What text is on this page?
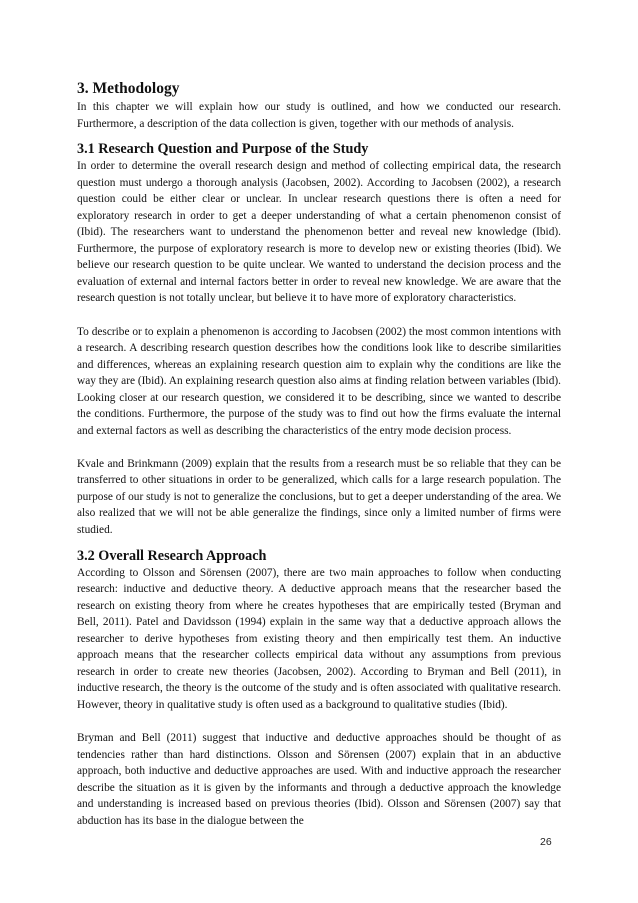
3. Methodology

In this chapter we will explain how our study is outlined, and how we conducted our research. Furthermore, a description of the data collection is given, together with our methods of analysis.

3.1 Research Question and Purpose of the Study

In order to determine the overall research design and method of collecting empirical data, the research question must undergo a thorough analysis (Jacobsen, 2002). According to Jacobsen (2002), a research question could be either clear or unclear. In unclear research questions there is often a need for exploratory research in order to get a deeper understanding of what a certain phenomenon consist of (Ibid). The researchers want to understand the phenomenon better and reveal new knowledge (Ibid). Furthermore, the purpose of exploratory research is more to develop new or existing theories (Ibid). We believe our research question to be quite unclear. We wanted to understand the decision process and the evaluation of external and internal factors better in order to reveal new knowledge. We are aware that the research question is not totally unclear, but believe it to have more of exploratory characteristics.

To describe or to explain a phenomenon is according to Jacobsen (2002) the most common intentions with a research. A describing research question describes how the conditions look like to describe similarities and differences, whereas an explaining research question aim to explain why the conditions are like the way they are (Ibid). An explaining research question also aims at finding relation between variables (Ibid). Looking closer at our research question, we considered it to be describing, since we wanted to describe the conditions. Furthermore, the purpose of the study was to find out how the firms evaluate the internal and external factors as well as describing the characteristics of the entry mode decision process.

Kvale and Brinkmann (2009) explain that the results from a research must be so reliable that they can be transferred to other situations in order to be generalized, which calls for a large research population. The purpose of our study is not to generalize the conclusions, but to get a deeper understanding of the area. We also realized that we will not be able generalize the findings, since only a limited number of firms were studied.

3.2 Overall Research Approach

According to Olsson and Sörensen (2007), there are two main approaches to follow when conducting research: inductive and deductive theory. A deductive approach means that the researcher based the research on existing theory from where he creates hypotheses that are empirically tested (Bryman and Bell, 2011). Patel and Davidsson (1994) explain in the same way that a deductive approach allows the researcher to derive hypotheses from existing theory and then empirically test them. An inductive approach means that the researcher collects empirical data without any assumptions from previous research in order to create new theories (Jacobsen, 2002). According to Bryman and Bell (2011), in inductive research, the theory is the outcome of the study and is often associated with qualitative research. However, theory in qualitative study is often used as a background to qualitative studies (Ibid).

Bryman and Bell (2011) suggest that inductive and deductive approaches should be thought of as tendencies rather than hard distinctions. Olsson and Sörensen (2007) explain that in an abductive approach, both inductive and deductive approaches are used. With and inductive approach the researcher describe the situation as it is given by the informants and through a deductive approach the knowledge and understanding is increased based on previous theories (Ibid). Olsson and Sörensen (2007) say that abduction has its base in the dialogue between the

26
